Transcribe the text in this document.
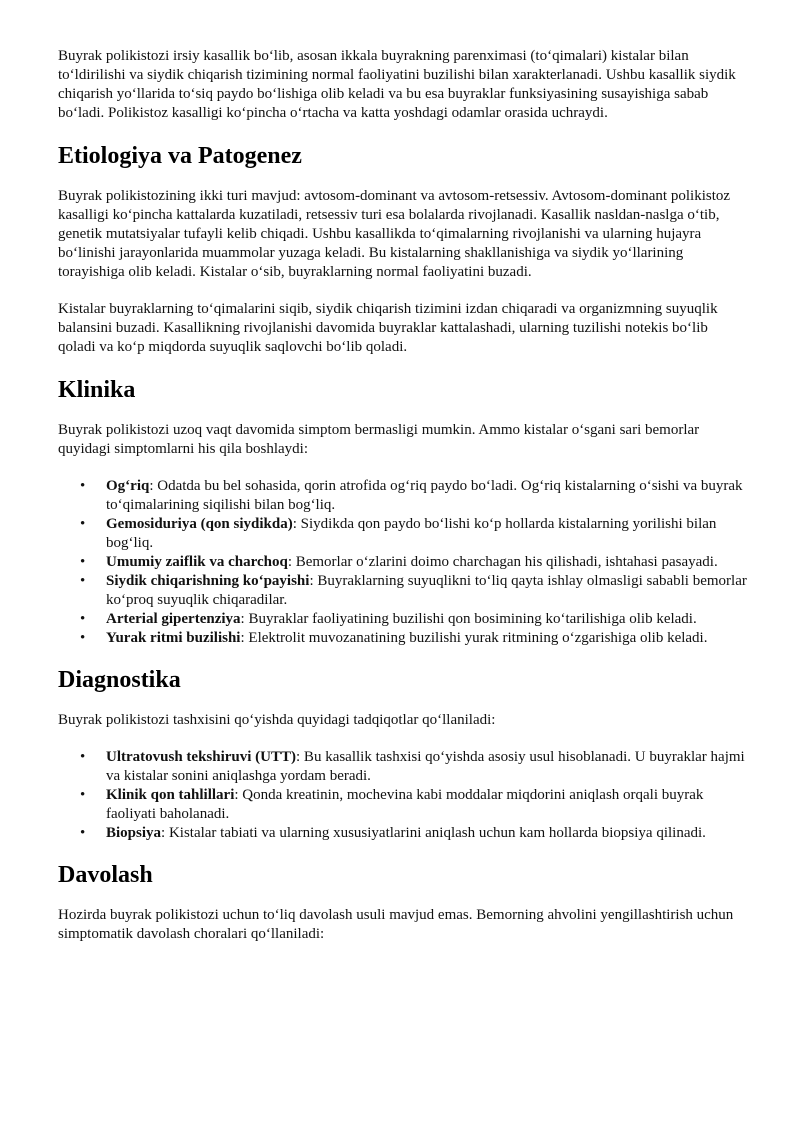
Buyrak polikistozi irsiy kasallik boʻlib, asosan ikkala buyrakning parenximasi (toʻqimalari) kistalar bilan toʻldirilishi va siydik chiqarish tizimining normal faoliyatini buzilishi bilan xarakterlanadi. Ushbu kasallik siydik chiqarish yoʻllarida toʻsiq paydo boʻlishiga olib keladi va bu esa buyraklar funksiyasining susayishiga sabab boʻladi. Polikistoz kasalligi koʻpincha oʻrtacha va katta yoshdagi odamlar orasida uchraydi.

Etiologiya va Patogenez

Buyrak polikistozining ikki turi mavjud: avtosom-dominant va avtosom-retsessiv. Avtosom-dominant polikistoz kasalligi koʻpincha kattalarda kuzatiladi, retsessiv turi esa bolalarda rivojlanadi. Kasallik nasldan-naslga oʻtib, genetik mutatsiyalar tufayli kelib chiqadi. Ushbu kasallikda toʻqimalarning rivojlanishi va ularning hujayra boʻlinishi jarayonlarida muammolar yuzaga keladi. Bu kistalarning shakllanishiga va siydik yoʻllarining torayishiga olib keladi. Kistalar oʻsib, buyraklarning normal faoliyatini buzadi.

Kistalar buyraklarning toʻqimalarini siqib, siydik chiqarish tizimini izdan chiqaradi va organizmning suyuqlik balansini buzadi. Kasallikning rivojlanishi davomida buyraklar kattalashadi, ularning tuzilishi notekis boʻlib qoladi va koʻp miqdorda suyuqlik saqlovchi boʻlib qoladi.

Klinika

Buyrak polikistozi uzoq vaqt davomida simptom bermasligi mumkin. Ammo kistalar oʻsgani sari bemorlar quyidagi simptomlarni his qila boshlaydi:

• Ogʻriq: Odatda bu bel sohasida, qorin atrofida ogʻriq paydo boʻladi. Ogʻriq kistalarning oʻsishi va buyrak toʻqimalarining siqilishi bilan bogʻliq.
• Gemosiduriya (qon siydikda): Siydikda qon paydo boʻlishi koʻp hollarda kistalarning yorilishi bilan bogʻliq.
• Umumiy zaiflik va charchoq: Bemorlar oʻzlarini doimo charchagan his qilishadi, ishtahasi pasayadi.
• Siydik chiqarishning koʻpayishi: Buyraklarning suyuqlikni toʻliq qayta ishlay olmasligi sababli bemorlar koʻproq suyuqlik chiqaradilar.
• Arterial gipertenziya: Buyraklar faoliyatining buzilishi qon bosimining koʻtarilishiga olib keladi.
• Yurak ritmi buzilishi: Elektrolit muvozanatining buzilishi yurak ritmining oʻzgarishiga olib keladi.
Diagnostika

Buyrak polikistozi tashxisini qoʻyishda quyidagi tadqiqotlar qoʻllaniladi:

• Ultratovush tekshiruvi (UTT): Bu kasallik tashxisi qoʻyishda asosiy usul hisoblanadi. U buyraklar hajmi va kistalar sonini aniqlashga yordam beradi.
• Klinik qon tahlillari: Qonda kreatinin, mochevina kabi moddalar miqdorini aniqlash orqali buyrak faoliyati baholanadi.
• Biopsiya: Kistalar tabiati va ularning xususiyatlarini aniqlash uchun kam hollarda biopsiya qilinadi.
Davolash

Hozirda buyrak polikistozi uchun toʻliq davolash usuli mavjud emas. Bemorning ahvolini yengillashtirish uchun simptomatik davolash choralari qoʻllaniladi:
